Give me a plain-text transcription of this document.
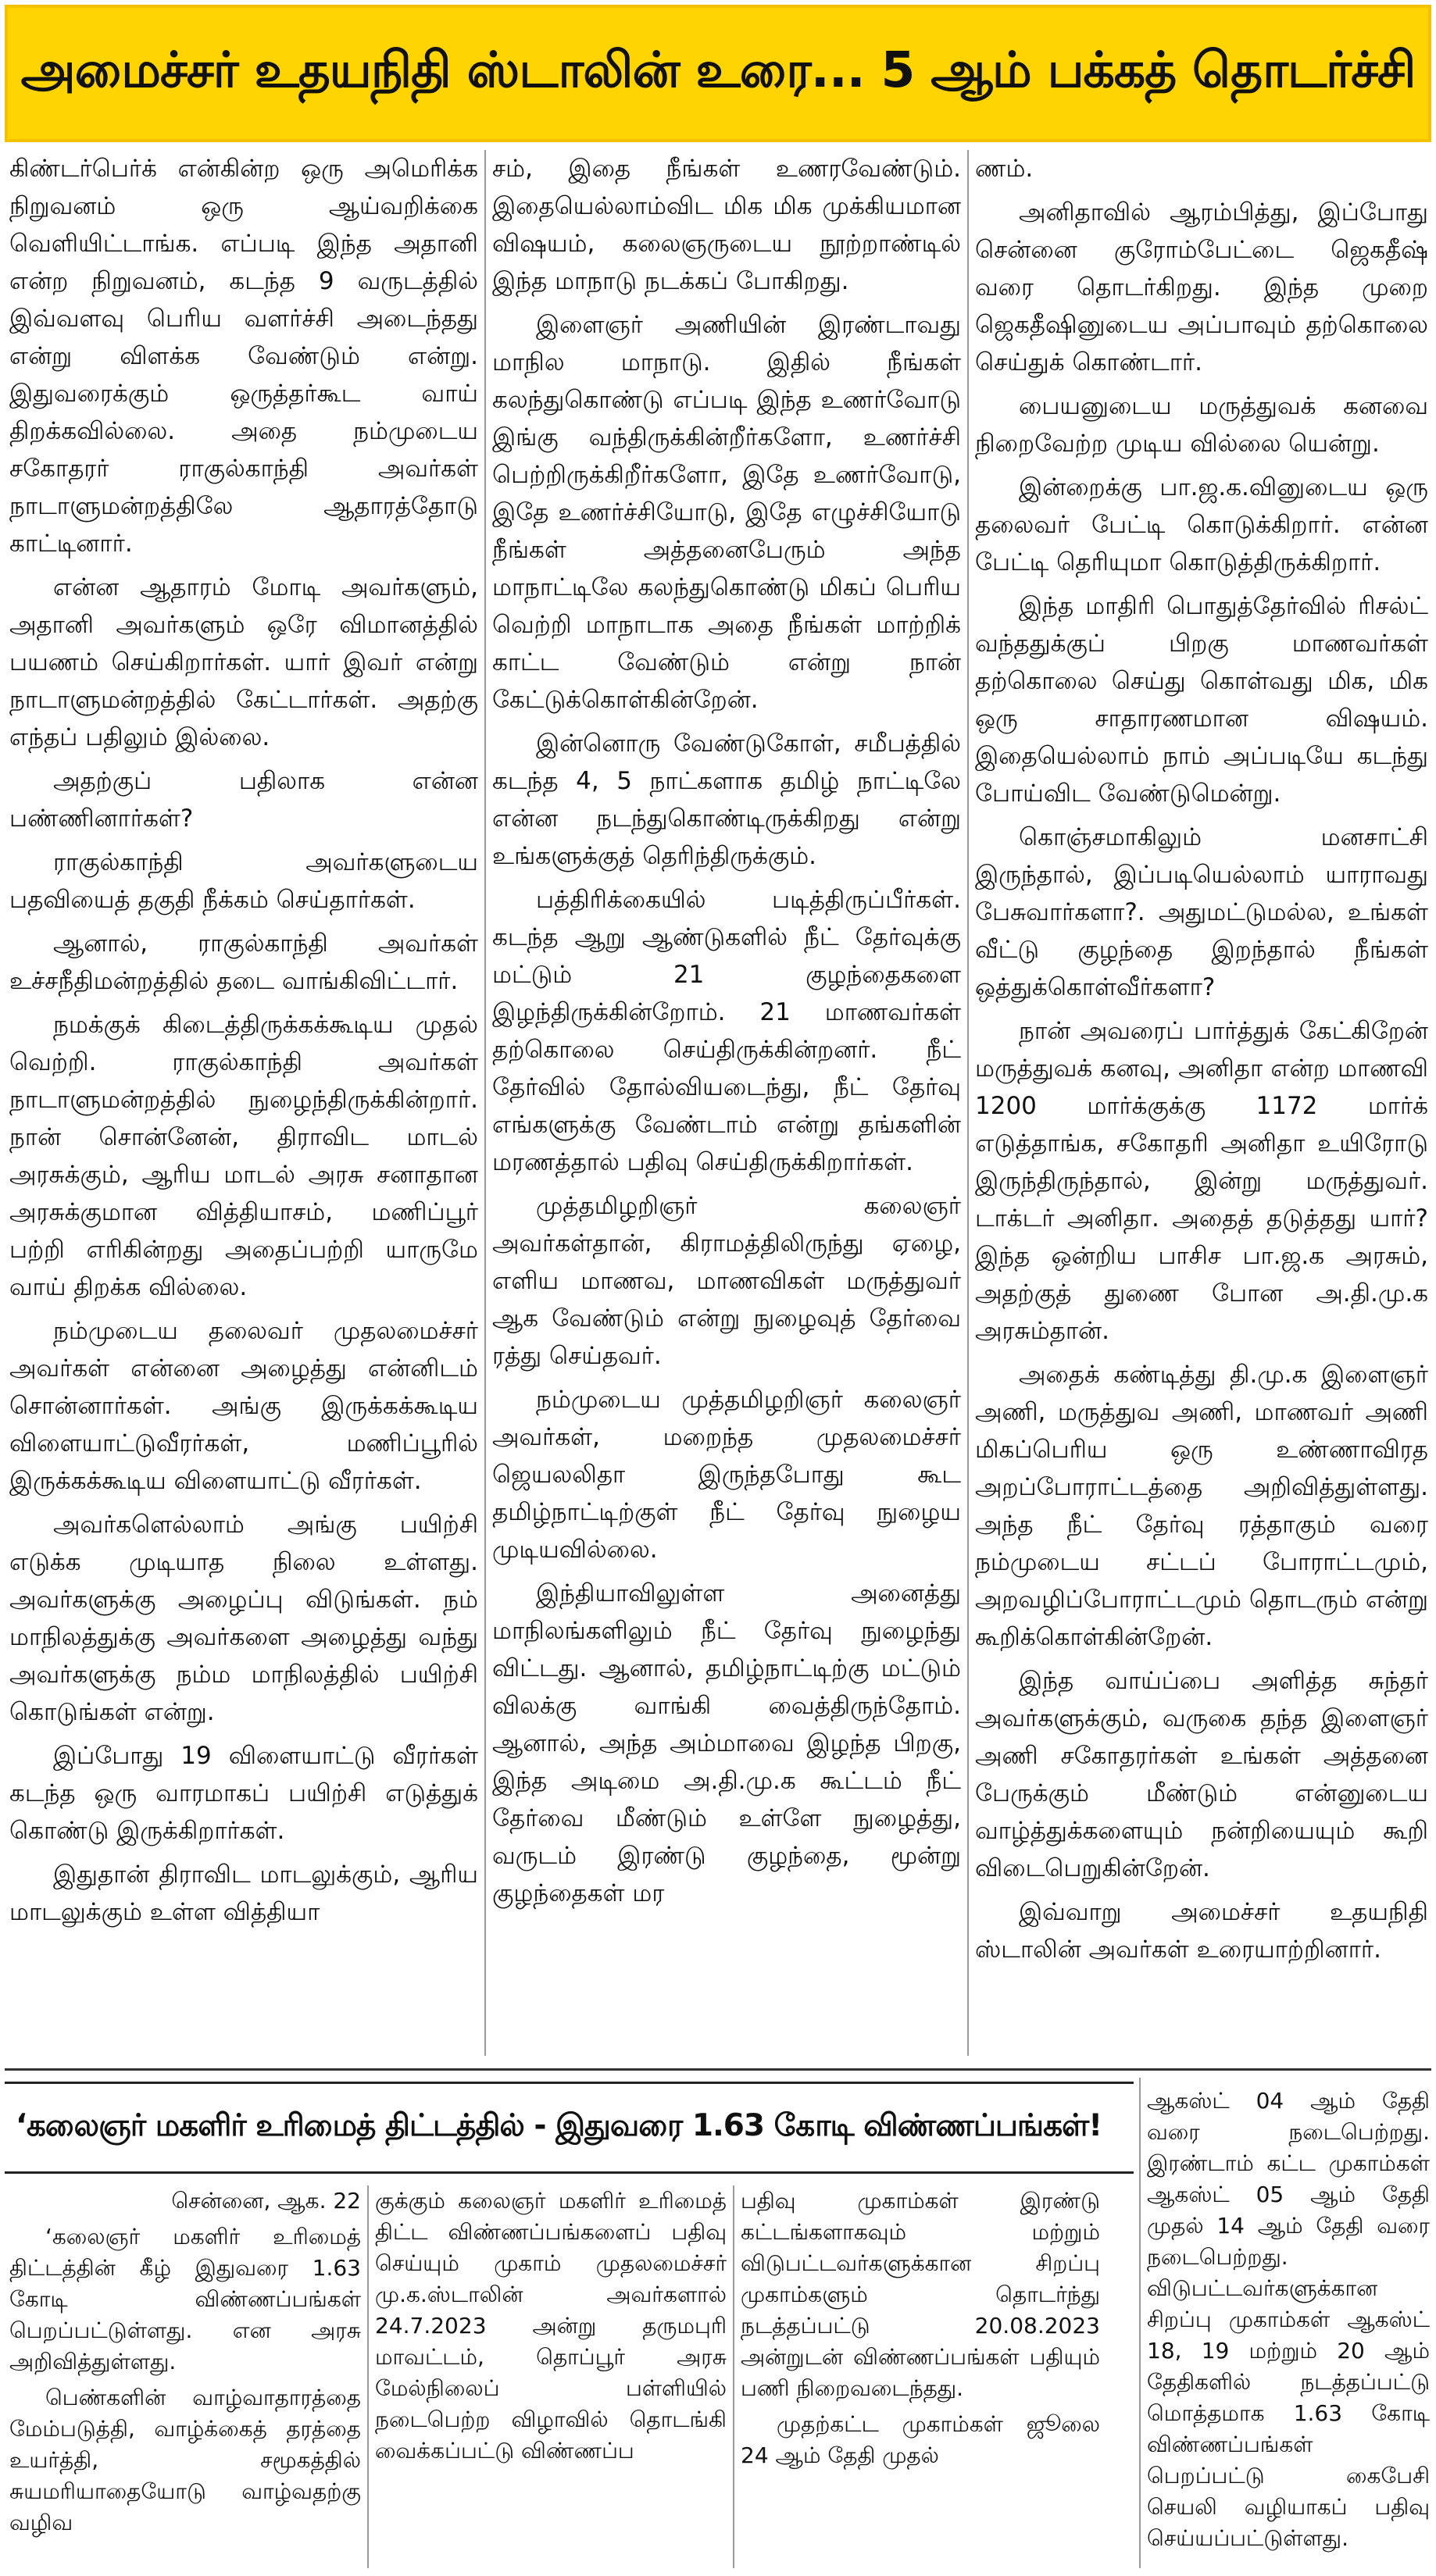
அமைச்சர் உதயநிதி ஸ்டாலின் உரை... 5 ஆம் பக்கத் தொடர்ச்சி

கிண்டர்பெர்க் என்கின்ற ஒரு அமெரிக்க நிறுவனம் ஒரு ஆய்வறிக்கை வெளியிட்டாங்க. எப்படி இந்த அதானி என்ற நிறுவனம், கடந்த 9 வருடத்தில் இவ்வளவு பெரிய வளர்ச்சி அடைந்தது என்று விளக்க வேண்டும் என்று. இதுவரைக்கும் ஒருத்தர்கூட வாய் திறக்கவில்லை. அதை நம்முடைய சகோதரர் ராகுல்காந்தி அவர்கள் நாடாளுமன்றத்திலே ஆதாரத்தோடு காட்டினார்.

என்ன ஆதாரம் மோடி அவர்களும், அதானி அவர்களும் ஒரே விமானத்தில் பயணம் செய்கிறார்கள். யார் இவர் என்று நாடாளுமன்றத்தில் கேட்டார்கள். அதற்கு எந்தப் பதிலும் இல்லை.

அதற்குப் பதிலாக என்ன பண்ணினார்கள்?

ராகுல்காந்தி அவர்களுடைய பதவியைத் தகுதி நீக்கம் செய்தார்கள்.

ஆனால், ராகுல்காந்தி அவர்கள் உச்சநீதிமன்றத்தில் தடை வாங்கிவிட்டார்.

நமக்குக் கிடைத்திருக்கக்கூடிய முதல் வெற்றி. ராகுல்காந்தி அவர்கள் நாடாளுமன்றத்தில் நுழைந்திருக்கின்றார். நான் சொன்னேன், திராவிட மாடல் அரசுக்கும், ஆரிய மாடல் அரசு சனாதான அரசுக்குமான வித்தியாசம், மணிப்பூர் பற்றி எரிகின்றது அதைப்பற்றி யாருமே வாய் திறக்க வில்லை.

நம்முடைய தலைவர் முதலமைச்சர் அவர்கள் என்னை அழைத்து என்னிடம் சொன்னார்கள். அங்கு இருக்கக்கூடிய விளையாட்டுவீரர்கள், மணிப்பூரில் இருக்கக்கூடிய விளையாட்டு வீரர்கள்.

அவர்களெல்லாம் அங்கு பயிற்சி எடுக்க முடியாத நிலை உள்ளது. அவர்களுக்கு அழைப்பு விடுங்கள். நம் மாநிலத்துக்கு அவர்களை அழைத்து வந்து அவர்களுக்கு நம்ம மாநிலத்தில் பயிற்சி கொடுங்கள் என்று.

இப்போது 19 விளையாட்டு வீரர்கள் கடந்த ஒரு வாரமாகப் பயிற்சி எடுத்துக் கொண்டு இருக்கிறார்கள்.

இதுதான் திராவிட மாடலுக்கும், ஆரிய மாடலுக்கும் உள்ள வித்தியா

சம், இதை நீங்கள் உணரவேண்டும். இதையெல்லாம்விட மிக மிக முக்கியமான விஷயம், கலைஞருடைய நூற்றாண்டில் இந்த மாநாடு நடக்கப் போகிறது.

இளைஞர் அணியின் இரண்டாவது மாநில மாநாடு. இதில் நீங்கள் கலந்துகொண்டு எப்படி இந்த உணர்வோடு இங்கு வந்திருக்கின்றீர்களோ, உணர்ச்சி பெற்றிருக்கிறீர்களோ, இதே உணர்வோடு, இதே உணர்ச்சியோடு, இதே எழுச்சியோடு நீங்கள் அத்தனைபேரும் அந்த மாநாட்டிலே கலந்துகொண்டு மிகப் பெரிய வெற்றி மாநாடாக அதை நீங்கள் மாற்றிக் காட்ட வேண்டும் என்று நான் கேட்டுக்கொள்கின்றேன்.

இன்னொரு வேண்டுகோள், சமீபத்தில் கடந்த 4, 5 நாட்களாக தமிழ் நாட்டிலே என்ன நடந்துகொண்டிருக்கிறது என்று உங்களுக்குத் தெரிந்திருக்கும்.

பத்திரிக்கையில் படித்திருப்பீர்கள். கடந்த ஆறு ஆண்டுகளில் நீட் தேர்வுக்கு மட்டும் 21 குழந்தைகளை இழந்திருக்கின்றோம். 21 மாணவர்கள் தற்கொலை செய்திருக்கின்றனர். நீட் தேர்வில் தோல்வியடைந்து, நீட் தேர்வு எங்களுக்கு வேண்டாம் என்று தங்களின் மரணத்தால் பதிவு செய்திருக்கிறார்கள்.

முத்தமிழறிஞர் கலைஞர் அவர்கள்தான், கிராமத்திலிருந்து ஏழை, எளிய மாணவ, மாணவிகள் மருத்துவர் ஆக வேண்டும் என்று நுழைவுத் தேர்வை ரத்து செய்தவர்.

நம்முடைய முத்தமிழறிஞர் கலைஞர் அவர்கள், மறைந்த முதலமைச்சர் ஜெயலலிதா இருந்தபோது கூட தமிழ்நாட்டிற்குள் நீட் தேர்வு நுழைய முடியவில்லை.

இந்தியாவிலுள்ள அனைத்து மாநிலங்களிலும் நீட் தேர்வு நுழைந்து விட்டது. ஆனால், தமிழ்நாட்டிற்கு மட்டும் விலக்கு வாங்கி வைத்திருந்தோம். ஆனால், அந்த அம்மாவை இழந்த பிறகு, இந்த அடிமை அ.தி.மு.க கூட்டம் நீட் தேர்வை மீண்டும் உள்ளே நுழைத்து, வருடம் இரண்டு குழந்தை, மூன்று குழந்தைகள் மர

ணம்.

அனிதாவில் ஆரம்பித்து, இப்போது சென்னை குரோம்பேட்டை ஜெகதீஷ் வரை தொடர்கிறது. இந்த முறை ஜெகதீஷினுடைய அப்பாவும் தற்கொலை செய்துக் கொண்டார்.

பையனுடைய மருத்துவக் கனவை நிறைவேற்ற முடிய வில்லை யென்று.

இன்றைக்கு பா.ஜ.க.வினுடைய ஒரு தலைவர் பேட்டி கொடுக்கிறார். என்ன பேட்டி தெரியுமா கொடுத்திருக்கிறார்.

இந்த மாதிரி பொதுத்தேர்வில் ரிசல்ட் வந்ததுக்குப் பிறகு மாணவர்கள் தற்கொலை செய்து கொள்வது மிக, மிக ஒரு சாதாரணமான விஷயம். இதையெல்லாம் நாம் அப்படியே கடந்து போய்விட வேண்டுமென்று.

கொஞ்சமாகிலும் மனசாட்சி இருந்தால், இப்படியெல்லாம் யாராவது பேசுவார்களா?. அதுமட்டுமல்ல, உங்கள் வீட்டு குழந்தை இறந்தால் நீங்கள் ஒத்துக்கொள்வீர்களா?

நான் அவரைப் பார்த்துக் கேட்கிறேன் மருத்துவக் கனவு, அனிதா என்ற மாணவி 1200 மார்க்குக்கு 1172 மார்க் எடுத்தாங்க, சகோதரி அனிதா உயிரோடு இருந்திருந்தால், இன்று மருத்துவர். டாக்டர் அனிதா. அதைத் தடுத்தது யார்? இந்த ஒன்றிய பாசிச பா.ஜ.க அரசும், அதற்குத் துணை போன அ.தி.மு.க அரசும்தான்.

அதைக் கண்டித்து தி.மு.க இளைஞர் அணி, மருத்துவ அணி, மாணவர் அணி மிகப்பெரிய ஒரு உண்ணாவிரத அறப்போராட்டத்தை அறிவித்துள்ளது. அந்த நீட் தேர்வு ரத்தாகும் வரை நம்முடைய சட்டப் போராட்டமும், அறவழிப்போராட்டமும் தொடரும் என்று கூறிக்கொள்கின்றேன்.

இந்த வாய்ப்பை அளித்த சுந்தர் அவர்களுக்கும், வருகை தந்த இளைஞர் அணி சகோதரர்கள் உங்கள் அத்தனை பேருக்கும் மீண்டும் என்னுடைய வாழ்த்துக்களையும் நன்றியையும் கூறி விடைபெறுகின்றேன்.

இவ்வாறு அமைச்சர் உதயநிதி ஸ்டாலின் அவர்கள் உரையாற்றினார்.

‘கலைஞர் மகளிர் உரிமைத் திட்டத்தில் - இதுவரை 1.63 கோடி விண்ணப்பங்கள்!

சென்னை, ஆக. 22

‘கலைஞர் மகளிர் உரிமைத் திட்டத்தின் கீழ் இதுவரை 1.63 கோடி விண்ணப்பங்கள் பெறப்பட்டுள்ளது. என அரசு அறிவித்துள்ளது.

பெண்களின் வாழ்வாதாரத்தை மேம்படுத்தி, வாழ்க்கைத் தரத்தை உயர்த்தி, சமூகத்தில் சுயமரியாதையோடு வாழ்வதற்கு வழிவ

குக்கும் கலைஞர் மகளிர் உரிமைத் திட்ட விண்ணப்பங்களைப் பதிவு செய்யும் முகாம் முதலமைச்சர் மு.க.ஸ்டாலின் அவர்களால் 24.7.2023 அன்று தருமபுரி மாவட்டம், தொப்பூர் அரசு மேல்நிலைப் பள்ளியில் நடைபெற்ற விழாவில் தொடங்கி வைக்கப்பட்டு விண்ணப்ப

பதிவு முகாம்கள் இரண்டு கட்டங்களாகவும் மற்றும் விடுபட்டவர்களுக்கான சிறப்பு முகாம்களும் தொடர்ந்து நடத்தப்பட்டு 20.08.2023 அன்றுடன் விண்ணப்பங்கள் பதியும் பணி நிறைவடைந்தது.

முதற்கட்ட முகாம்கள் ஜூலை 24 ஆம் தேதி முதல்

ஆகஸ்ட் 04 ஆம் தேதி வரை நடைபெற்றது. இரண்டாம் கட்ட முகாம்கள் ஆகஸ்ட் 05 ஆம் தேதி முதல் 14 ஆம் தேதி வரை நடைபெற்றது. விடுபட்டவர்களுக்கான சிறப்பு முகாம்கள் ஆகஸ்ட் 18, 19 மற்றும் 20 ஆம் தேதிகளில் நடத்தப்பட்டு மொத்தமாக 1.63 கோடி விண்ணப்பங்கள் பெறப்பட்டு கைபேசி செயலி வழியாகப் பதிவு செய்யப்பட்டுள்ளது.
